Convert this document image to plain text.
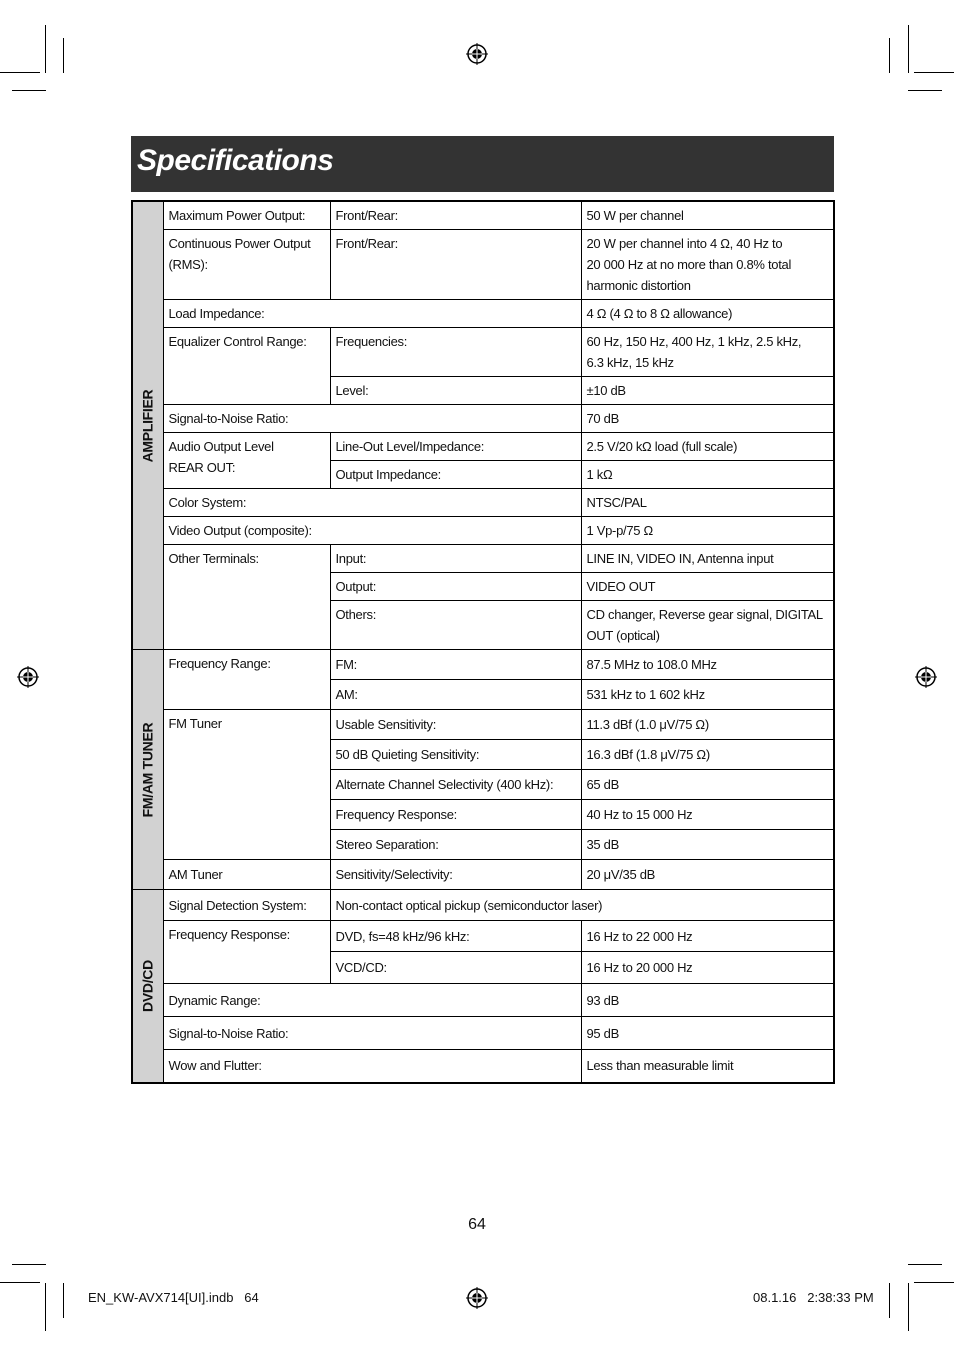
Specifications
AMPLIFIER	Maximum Power Output:	Front/Rear:	50 W per channel
	Continuous Power Output (RMS):	Front/Rear:	20 W per channel into 4 Ω, 40 Hz to
20 000 Hz at no more than 0.8% total
harmonic distortion

	Load Impedance:		4 Ω (4 Ω to 8 Ω allowance)
	Equalizer Control Range:	Frequencies:	60 Hz, 150 Hz, 400 Hz, 1 kHz, 2.5 kHz,
6.3 kHz, 15 kHz

		Level:	±10 dB
	Signal-to-Noise Ratio:		70 dB

	Audio Output Level
REAR OUT:	Line-Out Level/Impedance:	2.5 V/20 kΩ load (full scale)
		Output Impedance:	1 kΩ
	Color System:		NTSC/PAL
	Video Output (composite):		1 Vp-p/75 Ω
	Other Terminals:	Input:	LINE IN, VIDEO IN, Antenna input
		Output:	VIDEO OUT
		Others:	CD changer, Reverse gear signal, DIGITAL OUT (optical)

FM/AM TUNER	Frequency Range:	FM:	87.5 MHz to 108.0 MHz
		AM:	531 kHz to 1 602 kHz
	FM Tuner	Usable Sensitivity:	11.3 dBf (1.0 μV/75 Ω)
		50 dB Quieting Sensitivity:	16.3 dBf (1.8 μV/75 Ω)
		Alternate Channel Selectivity (400 kHz):	65 dB
		Frequency Response:	40 Hz to 15 000 Hz
		Stereo Separation:	35 dB
	AM Tuner	Sensitivity/Selectivity:	20 μV/35 dB

DVD/CD	Signal Detection System:	Non-contact optical pickup (semiconductor laser)	
	Frequency Response:	DVD, fs=48 kHz/96 kHz:	16 Hz to 22 000 Hz
		VCD/CD:	16 Hz to 20 000 Hz
	Dynamic Range:		93 dB
	Signal-to-Noise Ratio:		95 dB
	Wow and Flutter:		Less than measurable limit
64
EN_KW-AVX714[UI].indb   64	08.1.16   2:38:33 PM
